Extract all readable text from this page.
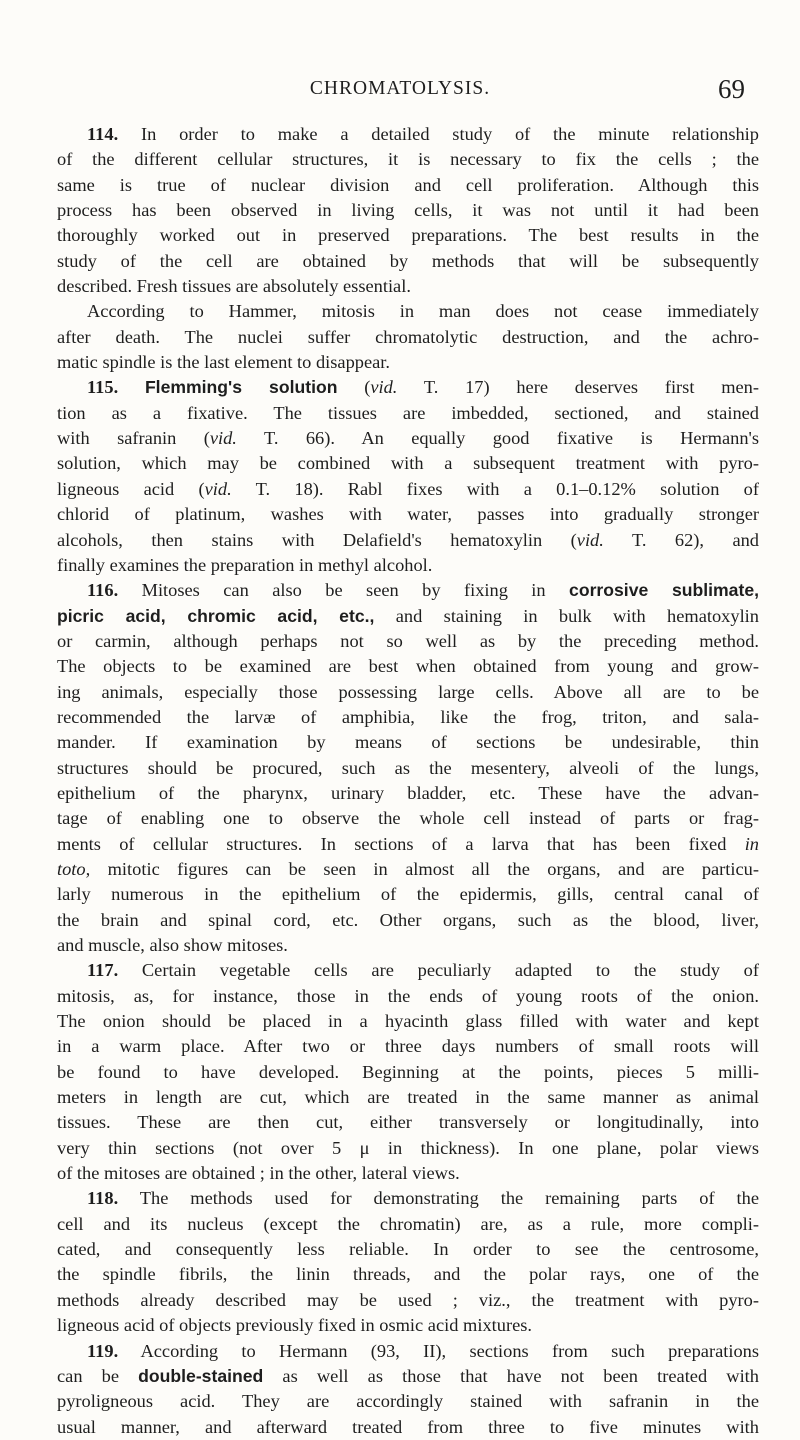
CHROMATOLYSIS.	69
114. In order to make a detailed study of the minute relationship
of the different cellular structures, it is necessary to fix the cells ; the
same is true of nuclear division and cell proliferation. Although this
process has been observed in living cells, it was not until it had been
thoroughly worked out in preserved preparations. The best results in the
study of the cell are obtained by methods that will be subsequently
described. Fresh tissues are absolutely essential.
According to Hammer, mitosis in man does not cease immediately
after death. The nuclei suffer chromatolytic destruction, and the achro-
matic spindle is the last element to disappear.
115. Flemming's solution (vid. T. 17) here deserves first men-
tion as a fixative. The tissues are imbedded, sectioned, and stained
with safranin (vid. T. 66). An equally good fixative is Hermann's
solution, which may be combined with a subsequent treatment with pyro-
ligneous acid (vid. T. 18). Rabl fixes with a 0.1–0.12% solution of
chlorid of platinum, washes with water, passes into gradually stronger
alcohols, then stains with Delafield's hematoxylin (vid. T. 62), and
finally examines the preparation in methyl alcohol.
116. Mitoses can also be seen by fixing in corrosive sublimate,
picric acid, chromic acid, etc., and staining in bulk with hematoxylin
or carmin, although perhaps not so well as by the preceding method.
The objects to be examined are best when obtained from young and grow-
ing animals, especially those possessing large cells. Above all are to be
recommended the larvæ of amphibia, like the frog, triton, and sala-
mander. If examination by means of sections be undesirable, thin
structures should be procured, such as the mesentery, alveoli of the lungs,
epithelium of the pharynx, urinary bladder, etc. These have the advan-
tage of enabling one to observe the whole cell instead of parts or frag-
ments of cellular structures. In sections of a larva that has been fixed in
toto, mitotic figures can be seen in almost all the organs, and are particu-
larly numerous in the epithelium of the epidermis, gills, central canal of
the brain and spinal cord, etc. Other organs, such as the blood, liver,
and muscle, also show mitoses.
117. Certain vegetable cells are peculiarly adapted to the study of
mitosis, as, for instance, those in the ends of young roots of the onion.
The onion should be placed in a hyacinth glass filled with water and kept
in a warm place. After two or three days numbers of small roots will
be found to have developed. Beginning at the points, pieces 5 milli-
meters in length are cut, which are treated in the same manner as animal
tissues. These are then cut, either transversely or longitudinally, into
very thin sections (not over 5 μ in thickness). In one plane, polar views
of the mitoses are obtained ; in the other, lateral views.
118. The methods used for demonstrating the remaining parts of the
cell and its nucleus (except the chromatin) are, as a rule, more compli-
cated, and consequently less reliable. In order to see the centrosome,
the spindle fibrils, the linin threads, and the polar rays, one of the
methods already described may be used ; viz., the treatment with pyro-
ligneous acid of objects previously fixed in osmic acid mixtures.
119. According to Hermann (93, II), sections from such preparations
can be double-stained as well as those that have not been treated with
pyroligneous acid. They are accordingly stained with safranin in the
usual manner, and afterward treated from three to five minutes with
